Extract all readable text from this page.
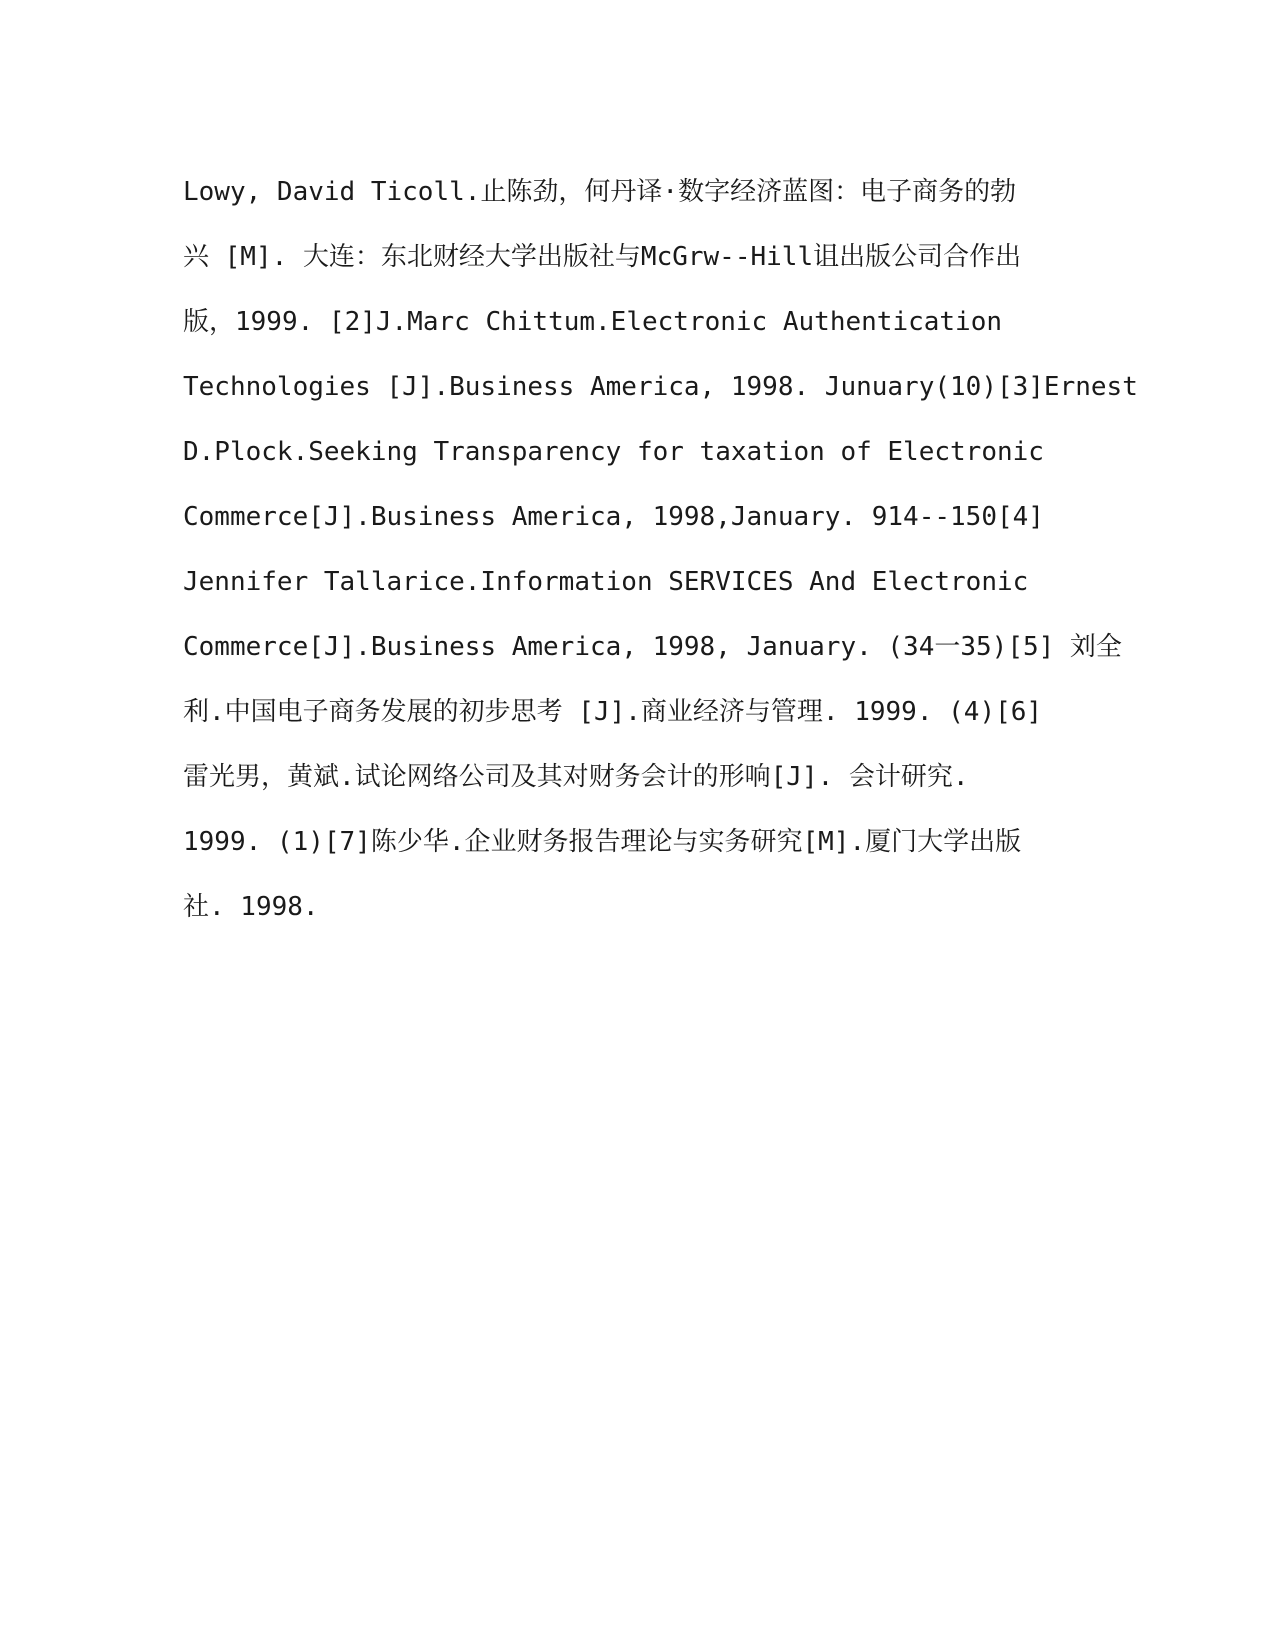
Lowy, David Ticoll.止陈劲，何丹译·数字经济蓝图：电子商务的勃
兴 [M]. 大连：东北财经大学出版社与McGrw--Hill诅出版公司合作出
版，1999. [2]J.Marc Chittum.Electronic Authentication
Technologies [J].Business America, 1998. Junuary(10)[3]Ernest
D.Plock.Seeking Transparency for taxation of Electronic
Commerce[J].Business America, 1998,January. 914--150[4]
Jennifer Tallarice.Information SERVICES And Electronic
Commerce[J].Business America, 1998, January. (34一35)[5] 刘全
利.中国电子商务发展的初步思考 [J].商业经济与管理. 1999. (4)[6]
雷光男，黄斌.试论网络公司及其对财务会计的形响[J]. 会计研究.
1999. (1)[7]陈少华.企业财务报告理论与实务研究[M].厦门大学出版
社. 1998.
